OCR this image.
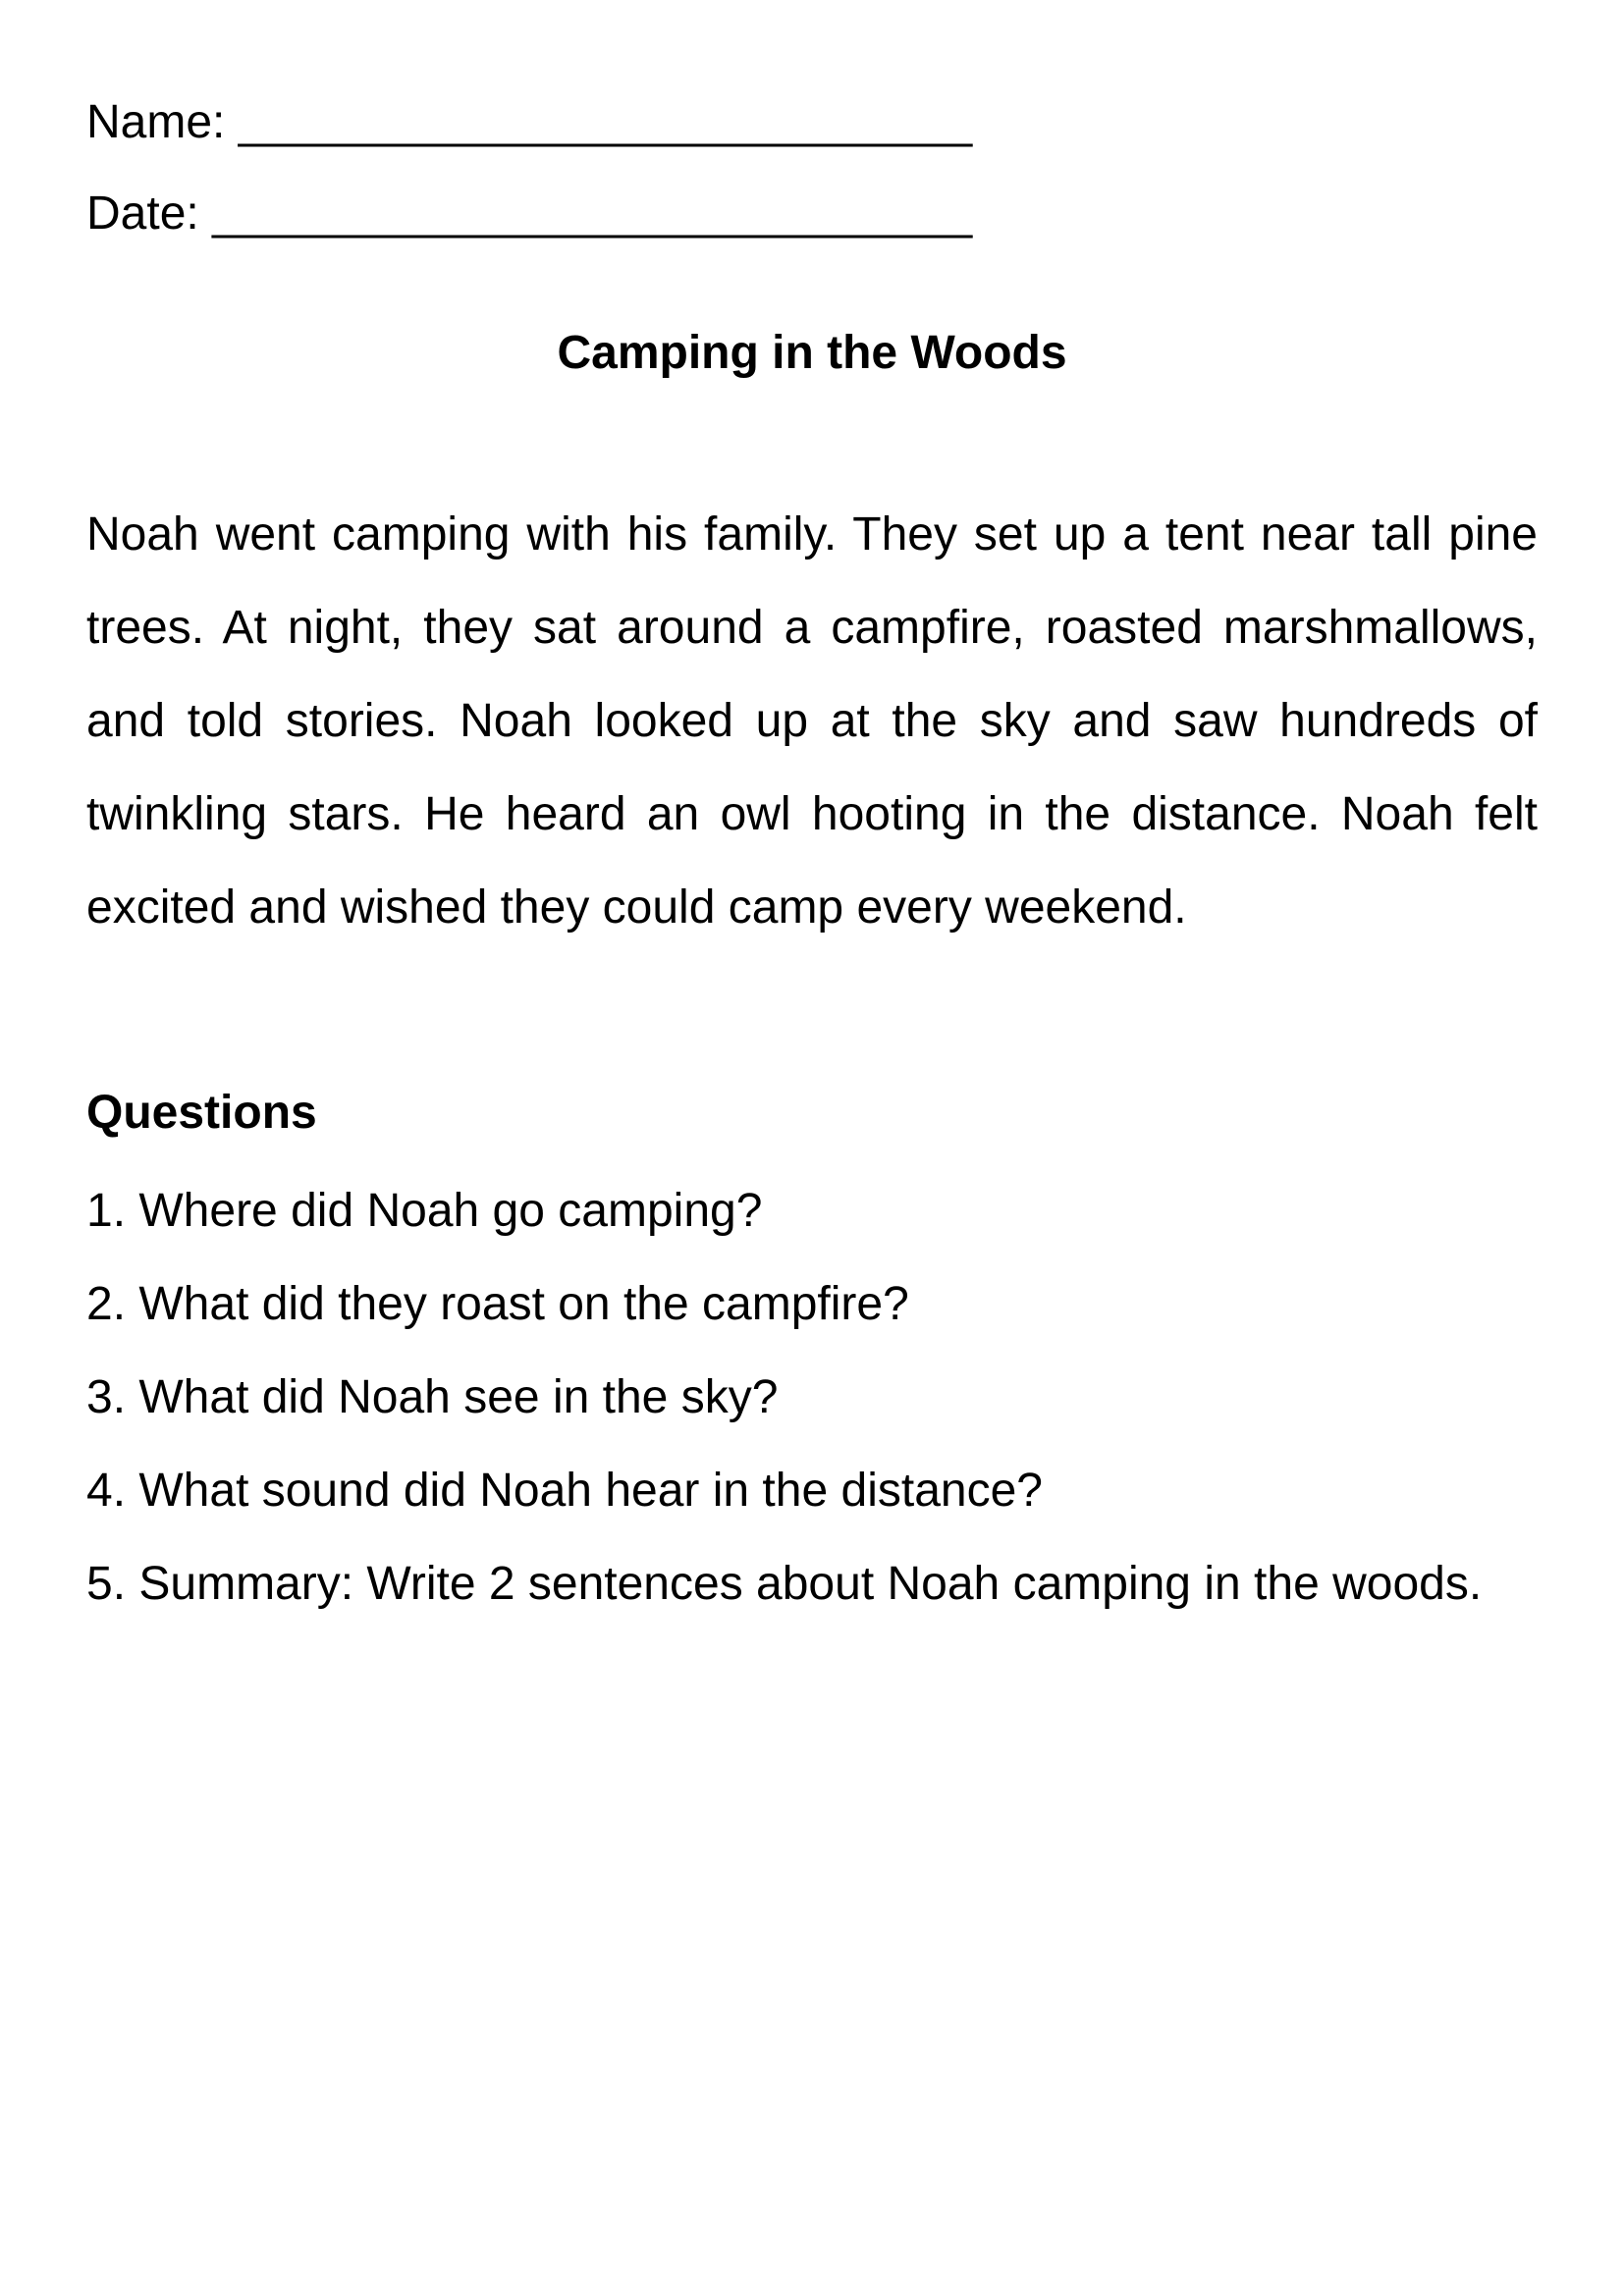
Name: ____________________________
Date: _____________________________
Camping in the Woods

Noah went camping with his family. They set up a tent near tall pine trees. At night, they sat around a campfire, roasted marshmallows, and told stories. Noah looked up at the sky and saw hundreds of twinkling stars. He heard an owl hooting in the distance. Noah felt excited and wished they could camp every weekend.

Questions
1. Where did Noah go camping?
2. What did they roast on the campfire?
3. What did Noah see in the sky?
4. What sound did Noah hear in the distance?
5. Summary: Write 2 sentences about Noah camping in the woods.
